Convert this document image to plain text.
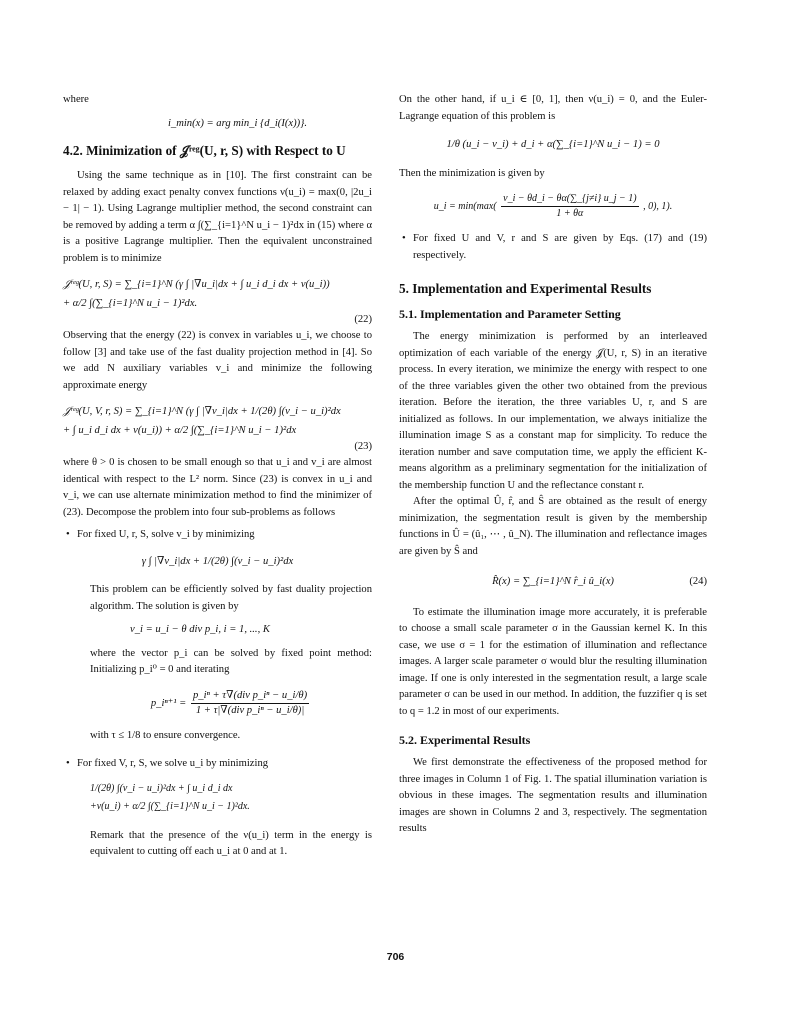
where

i_min(x) = arg min_i {d_i(I(x))}.
4.2. Minimization of 𝒥ʳᵉᵍ(U, r, S) with Respect to U

Using the same technique as in [10]. The first constraint can be relaxed by adding exact penalty convex functions ν(u_i) = max(0, |2u_i − 1| − 1). Using Lagrange multiplier method, the second constraint can be removed by adding a term α ∫(∑_{i=1}^N u_i − 1)²dx in (15) where α is a positive Lagrange multiplier. Then the equivalent unconstrained problem is to minimize

𝒥ʳᵉᵍ(U, r, S) = ∑_{i=1}^N (γ ∫ |∇u_i|dx + ∫ u_i d_i dx + ν(u_i))
+ α/2 ∫(∑_{i=1}^N u_i − 1)²dx.
(22)

Observing that the energy (22) is convex in variables u_i, we choose to follow [3] and take use of the fast duality projection method in [4]. So we add N auxiliary variables v_i and minimize the following approximate energy

𝒥ʳᵉᵍ(U, V, r, S) = ∑_{i=1}^N (γ ∫ |∇v_i|dx + 1/(2θ) ∫(v_i − u_i)²dx
+ ∫ u_i d_i dx + ν(u_i)) + α/2 ∫(∑_{i=1}^N u_i − 1)²dx
(23)

where θ > 0 is chosen to be small enough so that u_i and v_i are almost identical with respect to the L² norm. Since (23) is convex in u_i and v_i, we can use alternate minimization method to find the minimizer of (23). Decompose the problem into four sub-problems as follows

• For fixed U, r, S, solve v_i by minimizing
γ ∫ |∇v_i|dx + 1/(2θ) ∫(v_i − u_i)²dx

This problem can be efficiently solved by fast duality projection algorithm. The solution is given by

v_i = u_i − θ div p_i, i = 1, ..., K

where the vector p_i can be solved by fixed point method: Initializing p_i⁰ = 0 and iterating

p_iⁿ⁺¹ = $\frac{\text{p\_iⁿ + τ∇(div p\_iⁿ − u\_i/θ)}}{\text{1 + τ|∇(div p\_iⁿ − u\_i/θ)|}}$

with τ ≤ 1/8 to ensure convergence.

• For fixed V, r, S, we solve u_i by minimizing
1/(2θ) ∫(v_i − u_i)²dx + ∫ u_i d_i dx
+ν(u_i) + α/2 ∫(∑_{i=1}^N u_i − 1)²dx.

Remark that the presence of the ν(u_i) term in the energy is equivalent to cutting off each u_i at 0 and at 1.

On the other hand, if u_i ∈ [0, 1], then ν(u_i) = 0, and the Euler-Lagrange equation of this problem is

1/θ (u_i − v_i) + d_i + α(∑_{i=1}^N u_i − 1) = 0

Then the minimization is given by

u_i = $\min(\max( \frac{v\_i - \theta d\_i - \theta\alpha(\sum\_\{j\ne i\} u\_j - 1)}{1 + \theta\alpha}$ , 0), 1).
• For fixed U and V, r and S are given by Eqs. (17) and (19) respectively.
5. Implementation and Experimental Results
5.1. Implementation and Parameter Setting

The energy minimization is performed by an interleaved optimization of each variable of the energy 𝒥(U, r, S) in an iterative process. In every iteration, we minimize the energy with respect to one of the three variables given the other two obtained from the previous iteration. Before the iteration, the three variables U, r, and S are initialized as follows. In our implementation, we always initialize the illumination image S as a constant map for simplicity. To reduce the iteration number and save computation time, we apply the efficient K-means algorithm as a preliminary segmentation for the initialization of the membership function U and the reflectance constant r.

After the optimal Û, r̂, and Ŝ are obtained as the result of energy minimization, the segmentation result is given by the membership functions in Û = (û₁, ⋯ , û_N). The illumination and reflectance images are given by Ŝ and

R̂(x) = ∑_{i=1}^N r̂_i û_i(x)	(24)

To estimate the illumination image more accurately, it is preferable to choose a small scale parameter σ in the Gaussian kernel K. In this case, we use σ = 1 for the estimation of illumination and reflectance images. A larger scale parameter σ would blur the resulting illumination image. If one is only interested in the segmentation result, a large scale parameter σ can be used in our method. In addition, the fuzzifier q is set to q = 1.2 in most of our experiments.

5.2. Experimental Results

We first demonstrate the effectiveness of the proposed method for three images in Column 1 of Fig. 1. The spatial illumination variation is obvious in these images. The segmentation results and illumination images are shown in Columns 2 and 3, respectively. The segmentation results

706
